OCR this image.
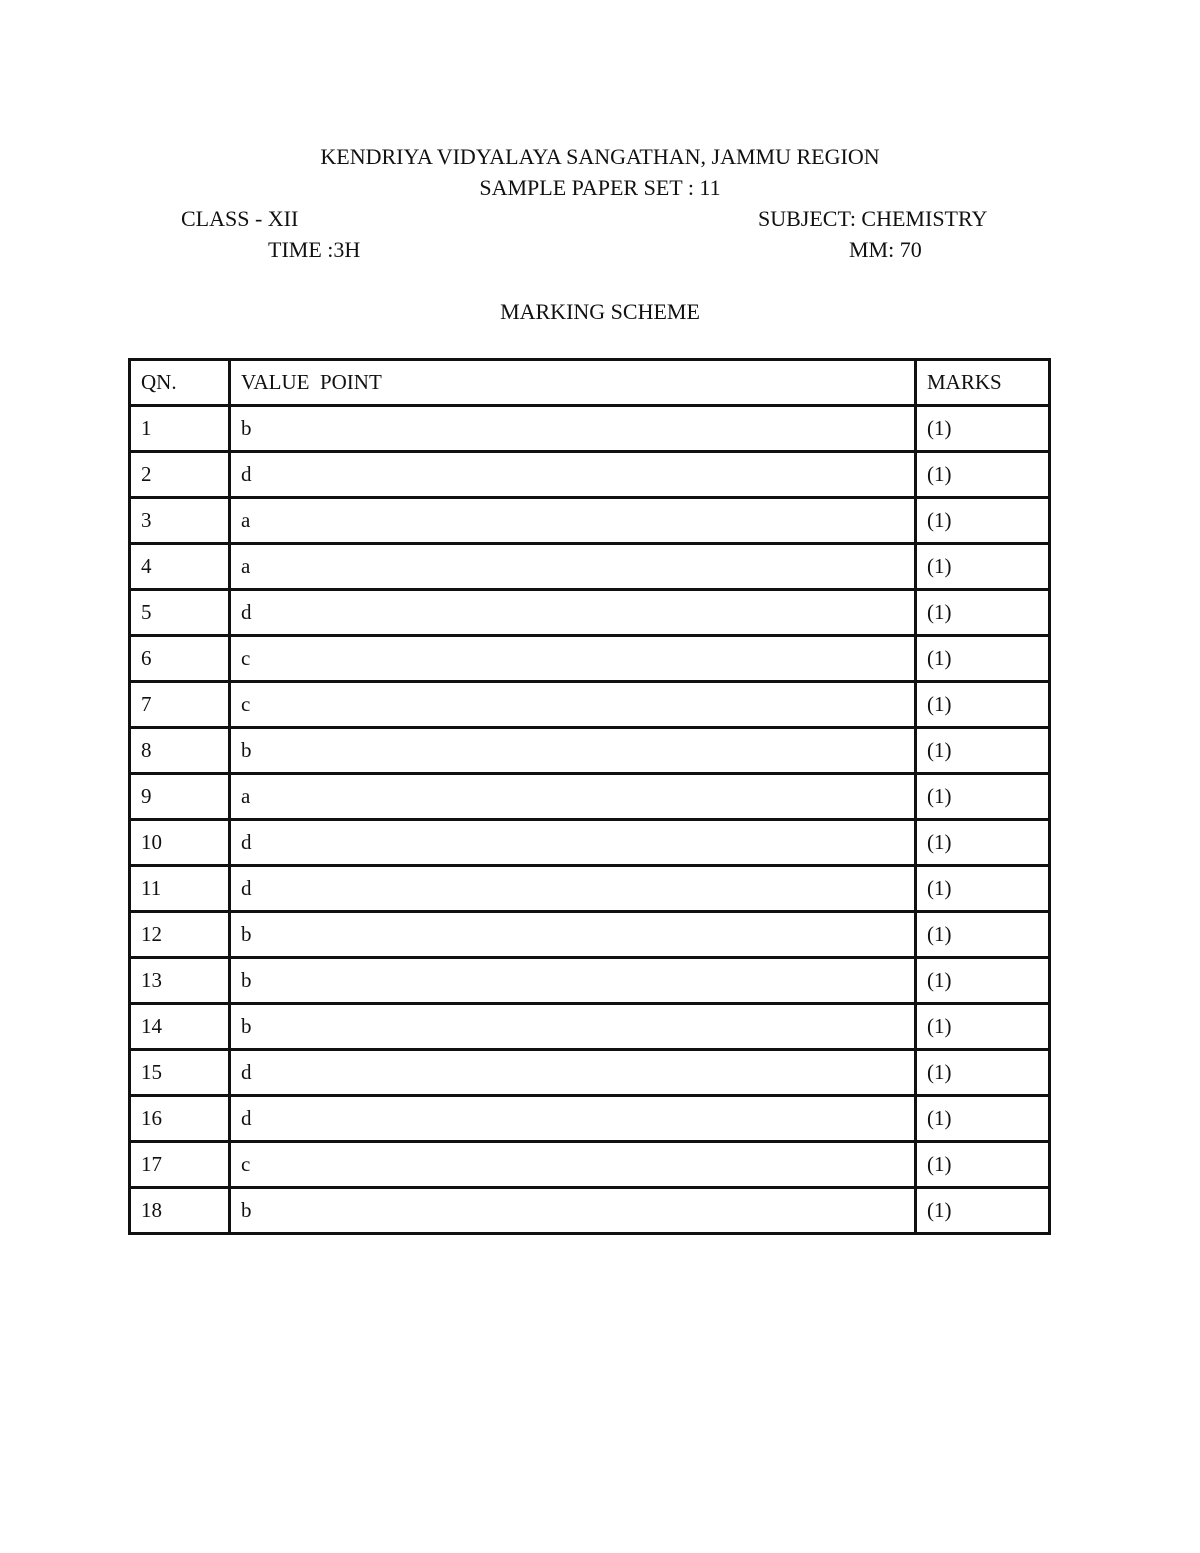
KENDRIYA VIDYALAYA SANGATHAN, JAMMU REGION
SAMPLE PAPER SET : 11
CLASS - XII	SUBJECT: CHEMISTRY
TIME :3H	MM: 70
MARKING SCHEME
QN.	VALUE  POINT	MARKS
1	b	(1)
2	d	(1)
3	a	(1)
4	a	(1)
5	d	(1)
6	c	(1)
7	c	(1)
8	b	(1)
9	a	(1)
10	d	(1)
11	d	(1)
12	b	(1)
13	b	(1)
14	b	(1)
15	d	(1)
16	d	(1)
17	c	(1)
18	b	(1)
